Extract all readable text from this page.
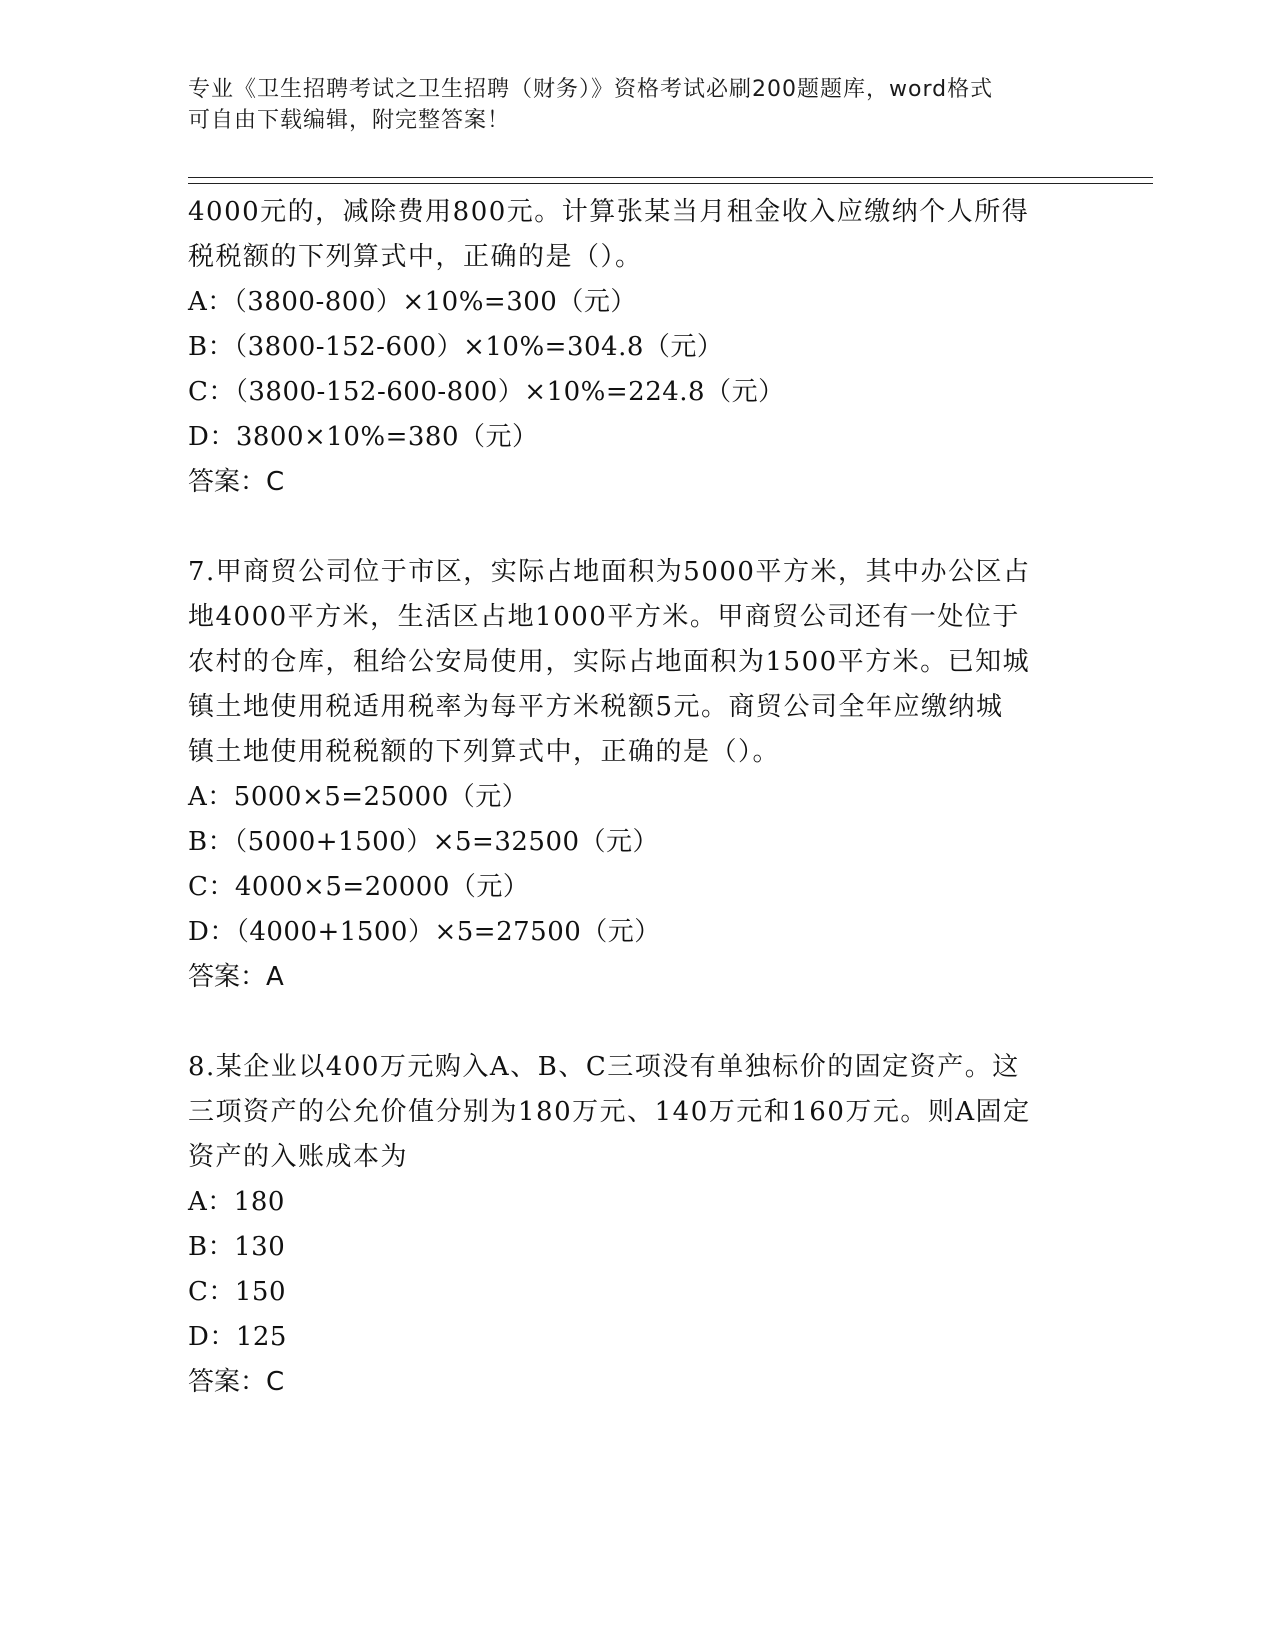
专业《卫生招聘考试之卫生招聘（财务）》资格考试必刷200题题库，word格式
可自由下载编辑，附完整答案！
4000元的，减除费用800元。计算张某当月租金收入应缴纳个人所得
税税额的下列算式中，正确的是（）。
A：（3800-800）×10%=300（元）
B：（3800-152-600）×10%=304.8（元）
C：（3800-152-600-800）×10%=224.8（元）
D：3800×10%=380（元）
答案：C
7.甲商贸公司位于市区，实际占地面积为5000平方米，其中办公区占
地4000平方米，生活区占地1000平方米。甲商贸公司还有一处位于
农村的仓库，租给公安局使用，实际占地面积为1500平方米。已知城
镇土地使用税适用税率为每平方米税额5元。商贸公司全年应缴纳城
镇土地使用税税额的下列算式中，正确的是（）。
A：5000×5=25000（元）
B：（5000+1500）×5=32500（元）
C：4000×5=20000（元）
D：（4000+1500）×5=27500（元）
答案：A
8.某企业以400万元购入A、B、C三项没有单独标价的固定资产。这
三项资产的公允价值分别为180万元、140万元和160万元。则A固定
资产的入账成本为
A：180
B：130
C：150
D：125
答案：C
